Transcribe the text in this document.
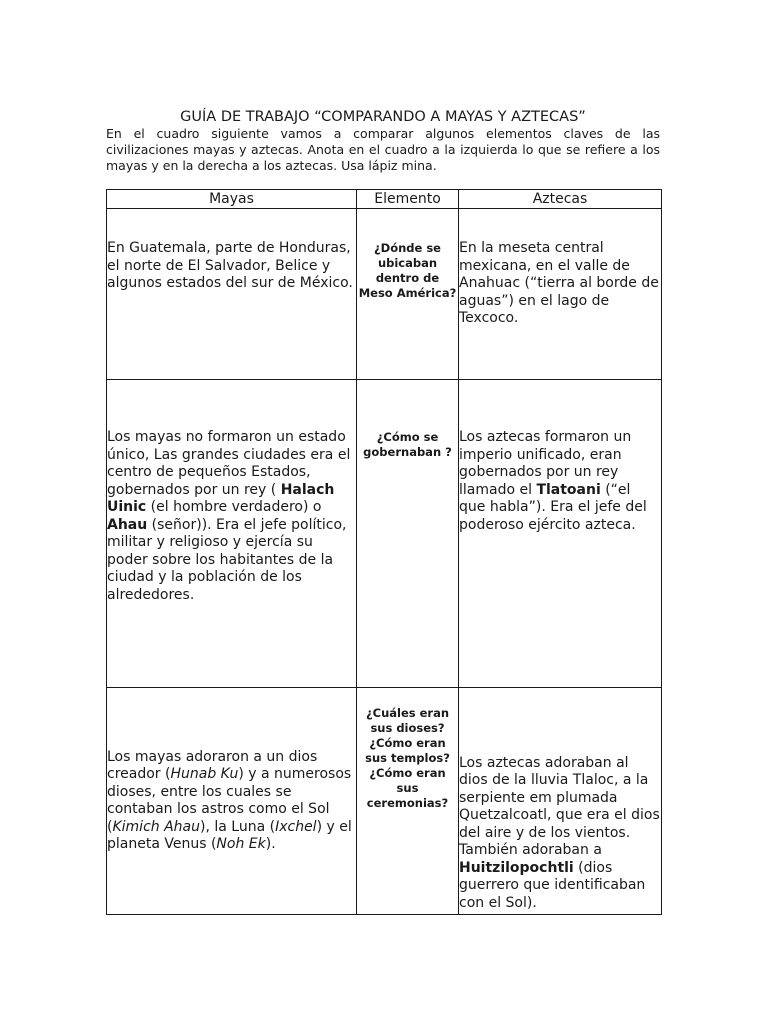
GUÍA DE TRABAJO “COMPARANDO A MAYAS Y AZTECAS”

En el cuadro siguiente vamos a comparar algunos elementos claves de las civilizaciones mayas y aztecas. Anota en el cuadro a la izquierda lo que se refiere a los mayas y en la derecha a los aztecas. Usa lápiz mina.

Mayas	Elemento	Aztecas

En Guatemala, parte de Honduras, el norte de El Salvador, Belice y algunos estados del sur de México.	¿Dónde se ubicaban dentro de Meso América?	En la meseta central mexicana, en el valle de Anahuac (“tierra al borde de aguas”) en el lago de Texcoco.

Los mayas no formaron un estado único, Las grandes ciudades era el centro de pequeños Estados, gobernados por un rey ( Halach Uinic (el hombre verdadero) o Ahau (señor)). Era el jefe político, militar y religioso y ejercía su poder sobre los habitantes de la ciudad y la población de los alrededores.	¿Cómo se gobernaban ?	Los aztecas formaron un imperio unificado, eran gobernados por un rey llamado el Tlatoani (“el que habla”). Era el jefe del poderoso ejército azteca.

Los mayas adoraron a un dios creador (Hunab Ku) y a numerosos dioses, entre los cuales se contaban los astros como el Sol (Kimich Ahau), la Luna (Ixchel) y el planeta Venus (Noh Ek).	¿Cuáles eran sus dioses? ¿Cómo eran sus templos? ¿Cómo eran sus ceremonias?	Los aztecas adoraban al dios de la lluvia Tlaloc, a la serpiente em plumada Quetzalcoatl, que era el dios del aire y de los vientos. También adoraban a Huitzilopochtli (dios guerrero que identificaban con el Sol).
